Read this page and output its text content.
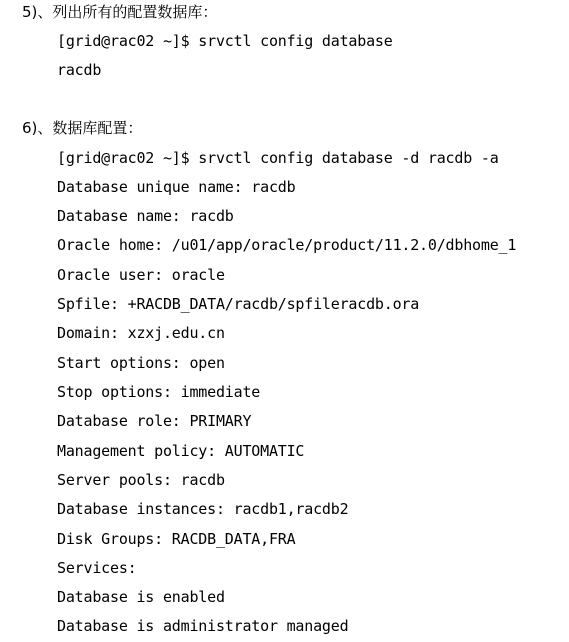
5)、列出所有的配置数据库：
[grid@rac02 ~]$ srvctl config database
racdb
6)、数据库配置：
[grid@rac02 ~]$ srvctl config database -d racdb -a
Database unique name: racdb
Database name: racdb
Oracle home: /u01/app/oracle/product/11.2.0/dbhome_1
Oracle user: oracle
Spfile: +RACDB_DATA/racdb/spfileracdb.ora
Domain: xzxj.edu.cn
Start options: open
Stop options: immediate
Database role: PRIMARY
Management policy: AUTOMATIC
Server pools: racdb
Database instances: racdb1,racdb2
Disk Groups: RACDB_DATA,FRA
Services:
Database is enabled
Database is administrator managed
